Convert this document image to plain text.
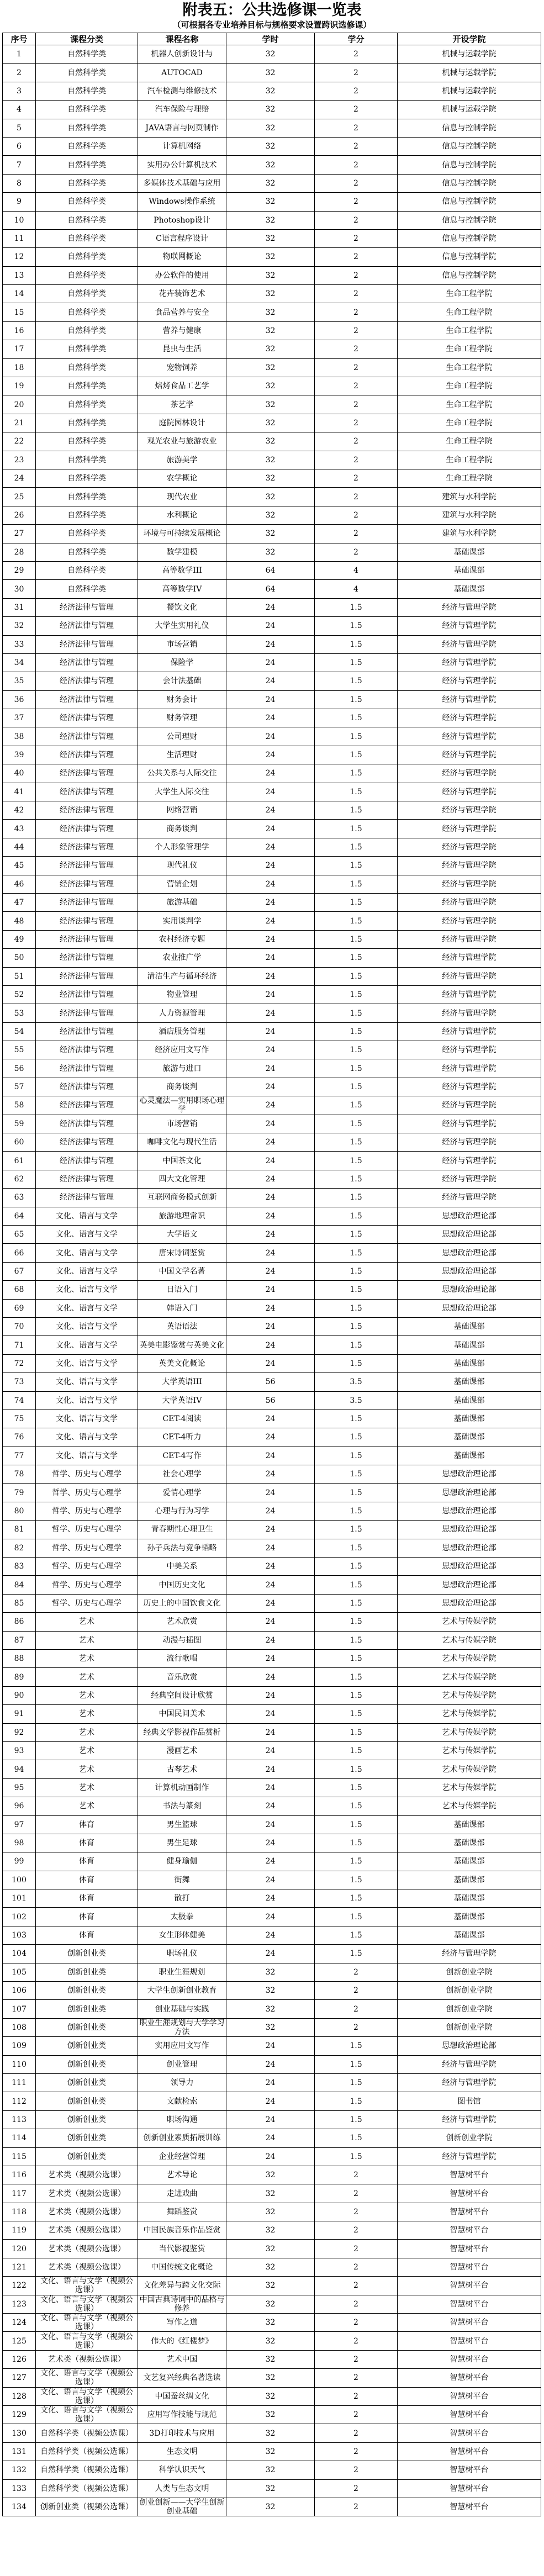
附表五：公共选修课一览表
（可根据各专业培养目标与规格要求设置跨识选修课）
序号	课程分类	课程名称	学时	学分	开设学院
1	自然科学类	机器人创新设计与	32	2	机械与运载学院
2	自然科学类	AUTOCAD	32	2	机械与运载学院
3	自然科学类	汽车检测与维修技术	32	2	机械与运载学院
4	自然科学类	汽车保险与理赔	32	2	机械与运载学院
5	自然科学类	JAVA语言与网页制作	32	2	信息与控制学院
6	自然科学类	计算机网络	32	2	信息与控制学院
7	自然科学类	实用办公计算机技术	32	2	信息与控制学院
8	自然科学类	多媒体技术基础与应用	32	2	信息与控制学院
9	自然科学类	Windows操作系统	32	2	信息与控制学院
10	自然科学类	Photoshop设计	32	2	信息与控制学院
11	自然科学类	C语言程序设计	32	2	信息与控制学院
12	自然科学类	物联网概论	32	2	信息与控制学院
13	自然科学类	办公软件的使用	32	2	信息与控制学院
14	自然科学类	花卉装饰艺术	32	2	生命工程学院
15	自然科学类	食品营养与安全	32	2	生命工程学院
16	自然科学类	营养与健康	32	2	生命工程学院
17	自然科学类	昆虫与生活	32	2	生命工程学院
18	自然科学类	宠物饲养	32	2	生命工程学院
19	自然科学类	焙烤食品工艺学	32	2	生命工程学院
20	自然科学类	茶艺学	32	2	生命工程学院
21	自然科学类	庭院园林设计	32	2	生命工程学院
22	自然科学类	观光农业与旅游农业	32	2	生命工程学院
23	自然科学类	旅游美学	32	2	生命工程学院
24	自然科学类	农学概论	32	2	生命工程学院
25	自然科学类	现代农业	32	2	建筑与水利学院
26	自然科学类	水利概论	32	2	建筑与水利学院
27	自然科学类	环境与可持续发展概论	32	2	建筑与水利学院
28	自然科学类	数学建模	32	2	基础课部
29	自然科学类	高等数学III	64	4	基础课部
30	自然科学类	高等数学IV	64	4	基础课部
31	经济法律与管理	餐饮文化	24	1.5	经济与管理学院
32	经济法律与管理	大学生实用礼仪	24	1.5	经济与管理学院
33	经济法律与管理	市场营销	24	1.5	经济与管理学院
34	经济法律与管理	保险学	24	1.5	经济与管理学院
35	经济法律与管理	会计法基础	24	1.5	经济与管理学院
36	经济法律与管理	财务会计	24	1.5	经济与管理学院
37	经济法律与管理	财务管理	24	1.5	经济与管理学院
38	经济法律与管理	公司理财	24	1.5	经济与管理学院
39	经济法律与管理	生活理财	24	1.5	经济与管理学院
40	经济法律与管理	公共关系与人际交往	24	1.5	经济与管理学院
41	经济法律与管理	大学生人际交往	24	1.5	经济与管理学院
42	经济法律与管理	网络营销	24	1.5	经济与管理学院
43	经济法律与管理	商务谈判	24	1.5	经济与管理学院
44	经济法律与管理	个人形象管理学	24	1.5	经济与管理学院
45	经济法律与管理	现代礼仪	24	1.5	经济与管理学院
46	经济法律与管理	营销企划	24	1.5	经济与管理学院
47	经济法律与管理	旅游基础	24	1.5	经济与管理学院
48	经济法律与管理	实用谈判学	24	1.5	经济与管理学院
49	经济法律与管理	农村经济专题	24	1.5	经济与管理学院
50	经济法律与管理	农业推广学	24	1.5	经济与管理学院
51	经济法律与管理	清洁生产与循环经济	24	1.5	经济与管理学院
52	经济法律与管理	物业管理	24	1.5	经济与管理学院
53	经济法律与管理	人力资源管理	24	1.5	经济与管理学院
54	经济法律与管理	酒店服务管理	24	1.5	经济与管理学院
55	经济法律与管理	经济应用文写作	24	1.5	经济与管理学院
56	经济法律与管理	旅游与进口	24	1.5	经济与管理学院
57	经济法律与管理	商务谈判	24	1.5	经济与管理学院
58	经济法律与管理	心灵魔法—实用职场心理学	24	1.5	经济与管理学院
59	经济法律与管理	市场营销	24	1.5	经济与管理学院
60	经济法律与管理	咖啡文化与现代生活	24	1.5	经济与管理学院
61	经济法律与管理	中国茶文化	24	1.5	经济与管理学院
62	经济法律与管理	四大文化管理	24	1.5	经济与管理学院
63	经济法律与管理	互联网商务模式创新	24	1.5	经济与管理学院
64	文化、语言与文学	旅游地理常识	24	1.5	思想政治理论部
65	文化、语言与文学	大学语文	24	1.5	思想政治理论部
66	文化、语言与文学	唐宋诗词鉴赏	24	1.5	思想政治理论部
67	文化、语言与文学	中国文学名著	24	1.5	思想政治理论部
68	文化、语言与文学	日语入门	24	1.5	思想政治理论部
69	文化、语言与文学	韩语入门	24	1.5	思想政治理论部
70	文化、语言与文学	英语语法	24	1.5	基础课部
71	文化、语言与文学	英美电影鉴赏与英美文化	24	1.5	基础课部
72	文化、语言与文学	英美文化概论	24	1.5	基础课部
73	文化、语言与文学	大学英语III	56	3.5	基础课部
74	文化、语言与文学	大学英语IV	56	3.5	基础课部
75	文化、语言与文学	CET-4阅读	24	1.5	基础课部
76	文化、语言与文学	CET-4听力	24	1.5	基础课部
77	文化、语言与文学	CET-4写作	24	1.5	基础课部
78	哲学、历史与心理学	社会心理学	24	1.5	思想政治理论部
79	哲学、历史与心理学	爱情心理学	24	1.5	思想政治理论部
80	哲学、历史与心理学	心理与行为习学	24	1.5	思想政治理论部
81	哲学、历史与心理学	青春期性心理卫生	24	1.5	思想政治理论部
82	哲学、历史与心理学	孙子兵法与竞争韬略	24	1.5	思想政治理论部
83	哲学、历史与心理学	中美关系	24	1.5	思想政治理论部
84	哲学、历史与心理学	中国历史文化	24	1.5	思想政治理论部
85	哲学、历史与心理学	历史上的中国饮食文化	24	1.5	思想政治理论部
86	艺术	艺术欣赏	24	1.5	艺术与传媒学院
87	艺术	动漫与插图	24	1.5	艺术与传媒学院
88	艺术	流行歌唱	24	1.5	艺术与传媒学院
89	艺术	音乐欣赏	24	1.5	艺术与传媒学院
90	艺术	经典空间设计欣赏	24	1.5	艺术与传媒学院
91	艺术	中国民间美术	24	1.5	艺术与传媒学院
92	艺术	经典文学影视作品赏析	24	1.5	艺术与传媒学院
93	艺术	漫画艺术	24	1.5	艺术与传媒学院
94	艺术	古琴艺术	24	1.5	艺术与传媒学院
95	艺术	计算机动画制作	24	1.5	艺术与传媒学院
96	艺术	书法与篆刻	24	1.5	艺术与传媒学院
97	体育	男生篮球	24	1.5	基础课部
98	体育	男生足球	24	1.5	基础课部
99	体育	健身瑜伽	24	1.5	基础课部
100	体育	街舞	24	1.5	基础课部
101	体育	散打	24	1.5	基础课部
102	体育	太极拳	24	1.5	基础课部
103	体育	女生形体健美	24	1.5	基础课部
104	创新创业类	职场礼仪	24	1.5	经济与管理学院
105	创新创业类	职业生涯规划	32	2	创新创业学院
106	创新创业类	大学生创新创业教育	32	2	创新创业学院
107	创新创业类	创业基础与实践	32	2	创新创业学院
108	创新创业类	职业生涯规划与大学学习方法	32	2	创新创业学院
109	创新创业类	实用应用文写作	24	1.5	思想政治理论部
110	创新创业类	创业管理	24	1.5	经济与管理学院
111	创新创业类	领导力	24	1.5	经济与管理学院
112	创新创业类	文献检索	24	1.5	图书馆
113	创新创业类	职场沟通	24	1.5	经济与管理学院
114	创新创业类	创新创业素质拓展训练	24	1.5	创新创业学院
115	创新创业类	企业经营管理	24	1.5	经济与管理学院
116	艺术类（视频公选课）	艺术导论	32	2	智慧树平台
117	艺术类（视频公选课）	走进戏曲	32	2	智慧树平台
118	艺术类（视频公选课）	舞蹈鉴赏	32	2	智慧树平台
119	艺术类（视频公选课）	中国民族音乐作品鉴赏	32	2	智慧树平台
120	艺术类（视频公选课）	当代影视鉴赏	32	2	智慧树平台
121	艺术类（视频公选课）	中国传统文化概论	32	2	智慧树平台
122	文化、语言与文学（视频公选课）	文化差异与跨文化交际	32	2	智慧树平台
123	文化、语言与文学（视频公选课）	中国古典诗词中的品格与修养	32	2	智慧树平台
124	文化、语言与文学（视频公选课）	写作之道	32	2	智慧树平台
125	文化、语言与文学（视频公选课）	伟大的《红楼梦》	32	2	智慧树平台
126	艺术类（视频公选课）	艺术中国	32	2	智慧树平台
127	文化、语言与文学（视频公选课）	文艺复兴经典名著选读	32	2	智慧树平台
128	文化、语言与文学（视频公选课）	中国蚕丝绸文化	32	2	智慧树平台
129	文化、语言与文学（视频公选课）	应用写作技能与规范	32	2	智慧树平台
130	自然科学类（视频公选课）	3D打印技术与应用	32	2	智慧树平台
131	自然科学类（视频公选课）	生态文明	32	2	智慧树平台
132	自然科学类（视频公选课）	科学认识天气	32	2	智慧树平台
133	自然科学类（视频公选课）	人类与生态文明	32	2	智慧树平台
134	创新创业类（视频公选课）	创业创新——大学生创新创业基础	32	2	智慧树平台
